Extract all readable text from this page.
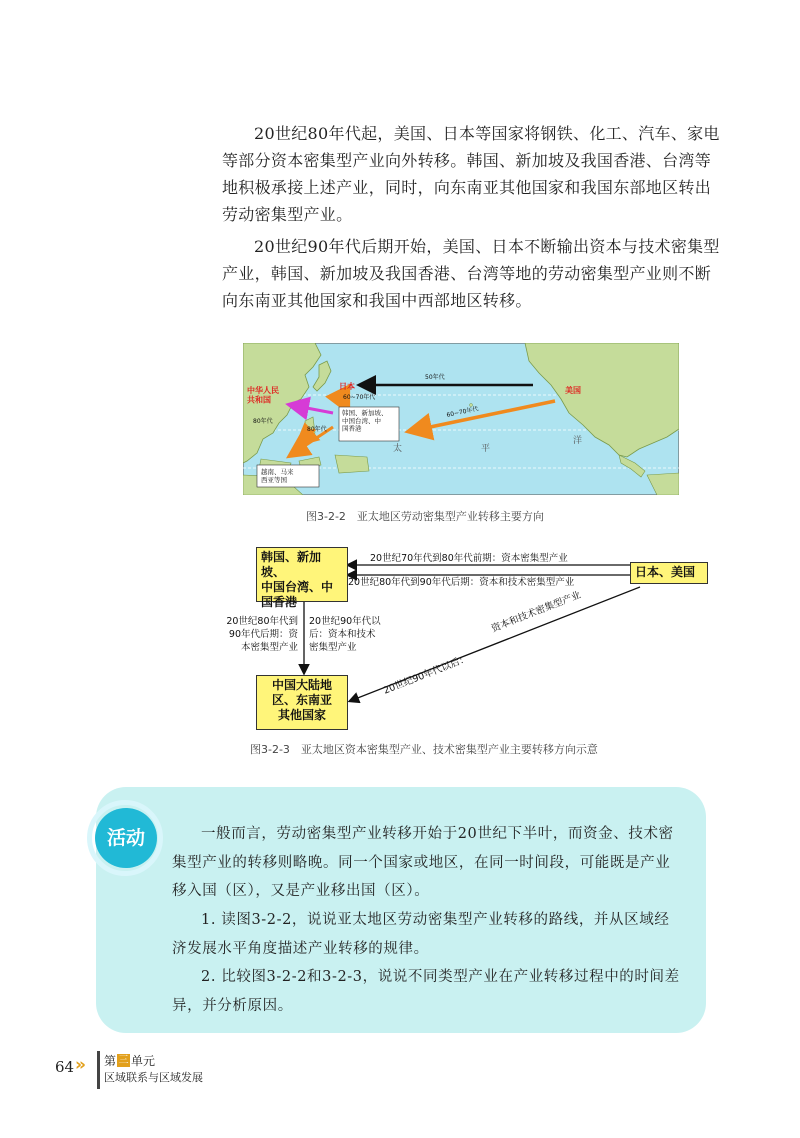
20世纪80年代起，美国、日本等国家将钢铁、化工、汽车、家电等部分资本密集型产业向外转移。韩国、新加坡及我国香港、台湾等地积极承接上述产业，同时，向东南亚其他国家和我国东部地区转出劳动密集型产业。

20世纪90年代后期开始，美国、日本不断输出资本与技术密集型产业，韩国、新加坡及我国香港、台湾等地的劳动密集型产业则不断向东南亚其他国家和我国中西部地区转移。

中华人民共和国
日本	美国
50年代
60~70年代
60~70年代
80年代
80年代
太	平
洋
韩国、新加坡、中国台湾、中国香港
越南、马来西亚等国
图3-2-2　亚太地区劳动密集型产业转移主要方向
韩国、新加坡、
中国台湾、中
国香港
日本、美国
中国大陆地
区、东南亚
其他国家
20世纪70年代到80年代前期：资本密集型产业
20世纪80年代到90年代后期：资本和技术密集型产业
20世纪80年代到
90年代后期：资
本密集型产业
20世纪90年代以
后：资本和技术
密集型产业
资本和技术密集型产业
20世纪90年代以后：
图3-2-3　亚太地区资本密集型产业、技术密集型产业主要转移方向示意
活动	一般而言，劳动密集型产业转移开始于20世纪下半叶，而资金、技术密集型产业的转移则略晚。同一个国家或地区，在同一时间段，可能既是产业移入国（区），又是产业移出国（区）。

1. 读图3-2-2，说说亚太地区劳动密集型产业转移的路线，并从区域经济发展水平角度描述产业转移的规律。

2. 比较图3-2-2和3-2-3，说说不同类型产业在产业转移过程中的时间差异，并分析原因。

64 » 第 三 单元
区域联系与区域发展
